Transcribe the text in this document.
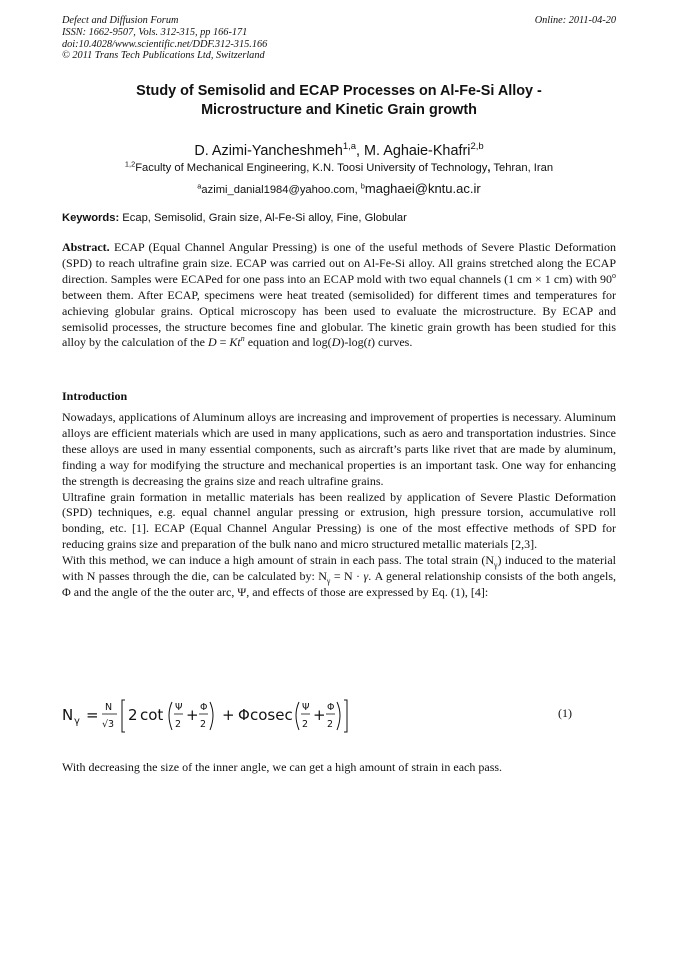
Defect and Diffusion Forum
ISSN: 1662-9507, Vols. 312-315, pp 166-171
doi:10.4028/www.scientific.net/DDF.312-315.166
© 2011 Trans Tech Publications Ltd, Switzerland
Online: 2011-04-20
Study of Semisolid and ECAP Processes on Al-Fe-Si Alloy -
Microstructure and Kinetic Grain growth
D. Azimi-Yancheshmeh$^{1,a}$, M. Aghaie-Khafri$^{2,b}$
$^{1,2}$Faculty of Mechanical Engineering, K.N. Toosi University of Technology, Tehran, Iran
$^a$azimi_danial1984@yahoo.com, $^b$maghaei@kntu.ac.ir
Keywords: Ecap, Semisolid, Grain size, Al-Fe-Si alloy, Fine, Globular
Abstract. ECAP (Equal Channel Angular Pressing) is one of the useful methods of Severe Plastic Deformation (SPD) to reach ultrafine grain size. ECAP was carried out on Al-Fe-Si alloy. All grains stretched along the ECAP direction. Samples were ECAPed for one pass into an ECAP mold with two equal channels (1 cm × 1 cm) with 90$^o$ between them. After ECAP, specimens were heat treated (semisolided) for different times and temperatures for achieving globular grains. Optical microscopy has been used to evaluate the microstructure. By ECAP and semisolid processes, the structure becomes fine and globular. The kinetic grain growth has been studied for this alloy by the calculation of the $D = Kt^n$ equation and log(D)-log(t) curves.
Introduction

Nowadays, applications of Aluminum alloys are increasing and improvement of properties is necessary. Aluminum alloys are efficient materials which are used in many applications, such as aero and transportation industries. Since these alloys are used in many essential components, such as aircraft’s parts like rivet that are made by aluminum, finding a way for modifying the structure and mechanical properties is an important task. One way for enhancing the strength is decreasing the grains size and reach ultrafine grains.

Ultrafine grain formation in metallic materials has been realized by application of Severe Plastic Deformation (SPD) techniques, e.g. equal channel angular pressing or extrusion, high pressure torsion, accumulative roll bonding, etc. [1]. ECAP (Equal Channel Angular Pressing) is one of the most effective methods of SPD for reducing grains size and preparation of the bulk nano and micro structured metallic materials [2,3].

With this method, we can induce a high amount of strain in each pass. The total strain $(N_\gamma)$ induced to the material with N passes through the die, can be calculated by: $N_\gamma = N \cdot \gamma$. A general relationship consists of the both angels, Φ and the angle of the the outer arc, Ψ, and effects of those are expressed by Eq. (1), [4]:

N γ = N
√3
2 cot Ψ
2
+ Φ
2
+ Φ cosec Ψ
2
+ Φ
2
(1)
With decreasing the size of the inner angle, we can get a high amount of strain in each pass.
